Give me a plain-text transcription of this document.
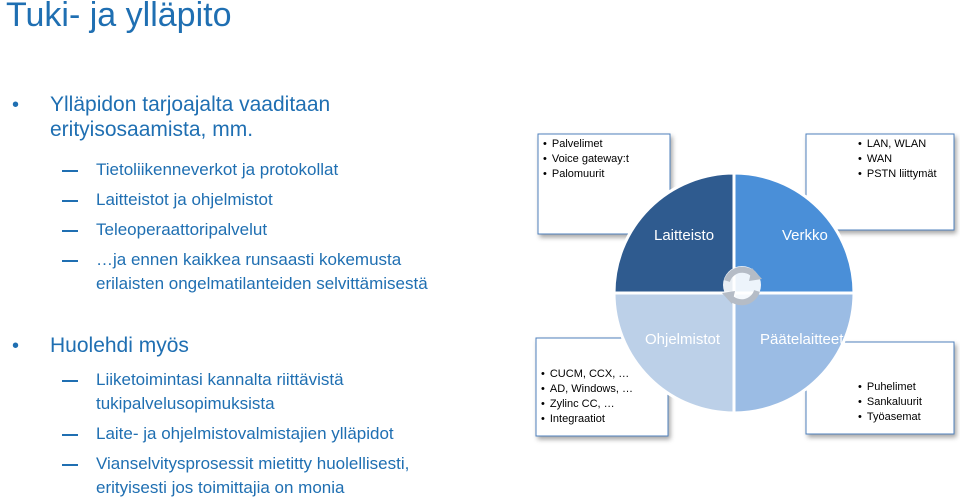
Tuki- ja ylläpito
• Ylläpidon tarjoajalta vaaditaan
erityisosaamista, mm.
Tietoliikenneverkot ja protokollat
Laitteistot ja ohjelmistot
Teleoperaattoripalvelut
…ja ennen kaikkea runsaasti kokemusta
erilaisten ongelmatilanteiden selvittämisestä
• Huolehdi myös
Liiketoimintasi kannalta riittävistä
tukipalvelusopimuksista
Laite- ja ohjelmistovalmistajien ylläpidot
Vianselvitysprosessit mietitty huolellisesti,
erityisesti jos toimittajia on monia
Laitteisto	Verkko
Ohjelmistot	Päätelaitteet
• Palvelimet
• Voice gateway:t
• Palomuurit
• LAN, WLAN
• WAN
• PSTN liittymät
• CUCM, CCX, …
• AD, Windows, …
• Zylinc CC, …
• Integraatiot
• Puhelimet
• Sankaluurit
• Työasemat
